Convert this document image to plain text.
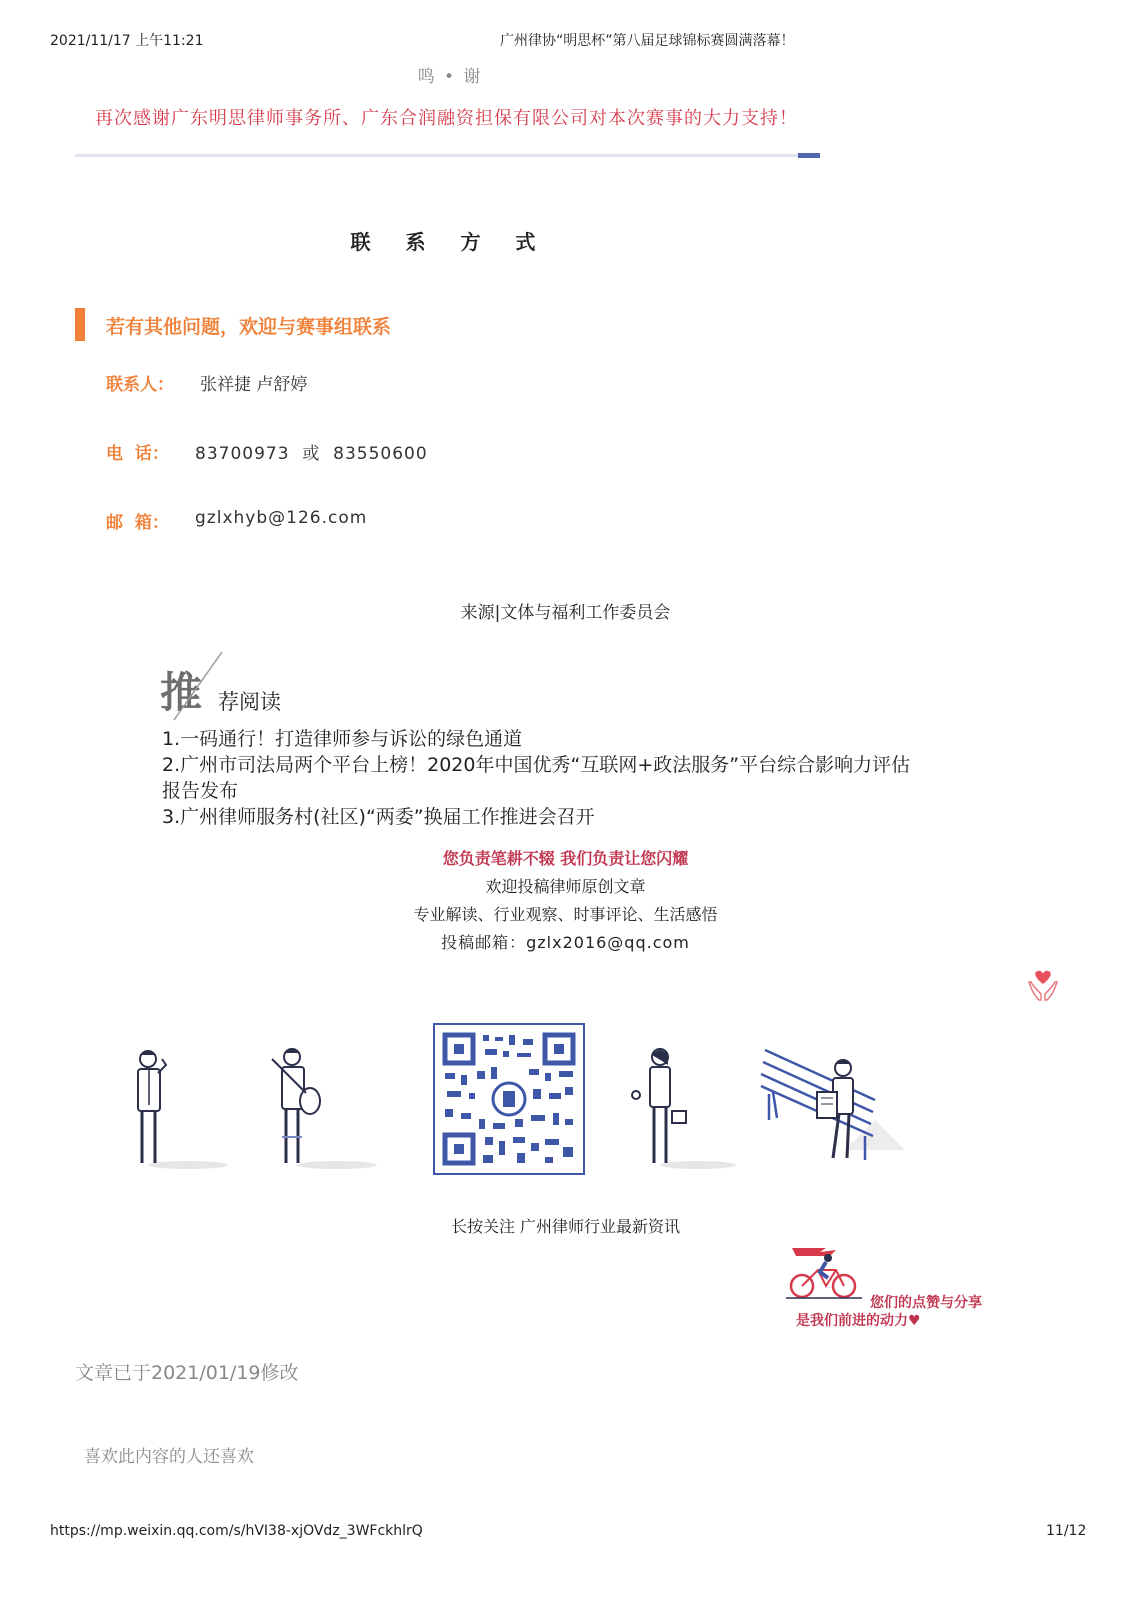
2021/11/17 上午11:21	广州律协“明思杯”第八届足球锦标赛圆满落幕！
鸣 • 谢
再次感谢广东明思律师事务所、广东合润融资担保有限公司对本次赛事的大力支持！
联 系 方 式
若有其他问题，欢迎与赛事组联系
联系人： 张祥捷 卢舒婷
电  话： 83700973  或  83550600
邮  箱： gzlxhyb@126.com
来源|文体与福利工作委员会
推 荐阅读
1.一码通行！打造律师参与诉讼的绿色通道
2.广州市司法局两个平台上榜！2020年中国优秀“互联网+政法服务”平台综合影响力评估
报告发布
3.广州律师服务村(社区)“两委”换届工作推进会召开
您负责笔耕不辍 我们负责让您闪耀
欢迎投稿律师原创文章
专业解读、行业观察、时事评论、生活感悟
投稿邮箱：gzlx2016@qq.com
长按关注 广州律师行业最新资讯
您们的点赞与分享
是我们前进的动力♥
文章已于2021/01/19修改
喜欢此内容的人还喜欢
https://mp.weixin.qq.com/s/hVI38-xjOVdz_3WFckhlrQ	11/12
